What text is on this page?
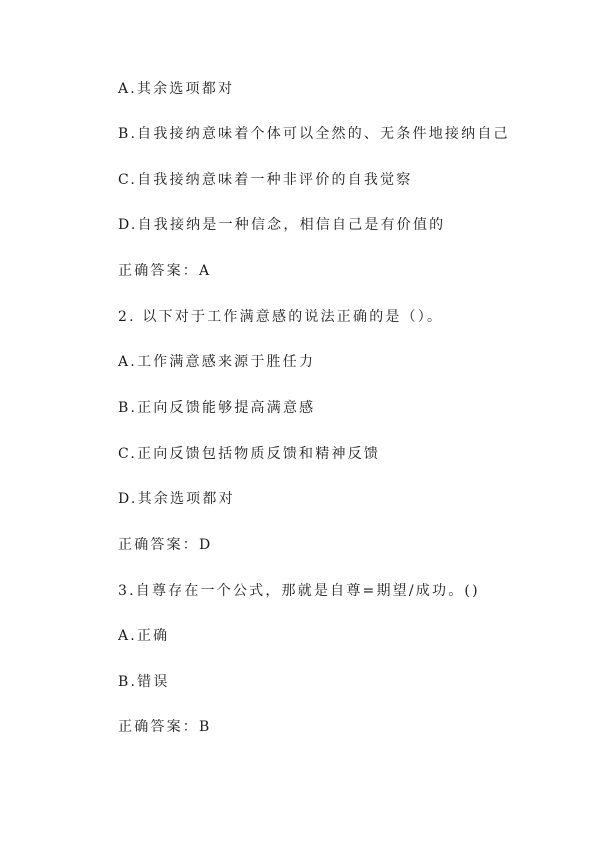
A.其余选项都对

B.自我接纳意味着个体可以全然的、无条件地接纳自己

C.自我接纳意味着一种非评价的自我觉察

D.自我接纳是一种信念，相信自己是有价值的

正确答案：A

2. 以下对于工作满意感的说法正确的是（）。

A.工作满意感来源于胜任力

B.正向反馈能够提高满意感

C.正向反馈包括物质反馈和精神反馈

D.其余选项都对

正确答案：D

3.自尊存在一个公式，那就是自尊=期望/成功。()

A.正确

B.错误

正确答案：B
